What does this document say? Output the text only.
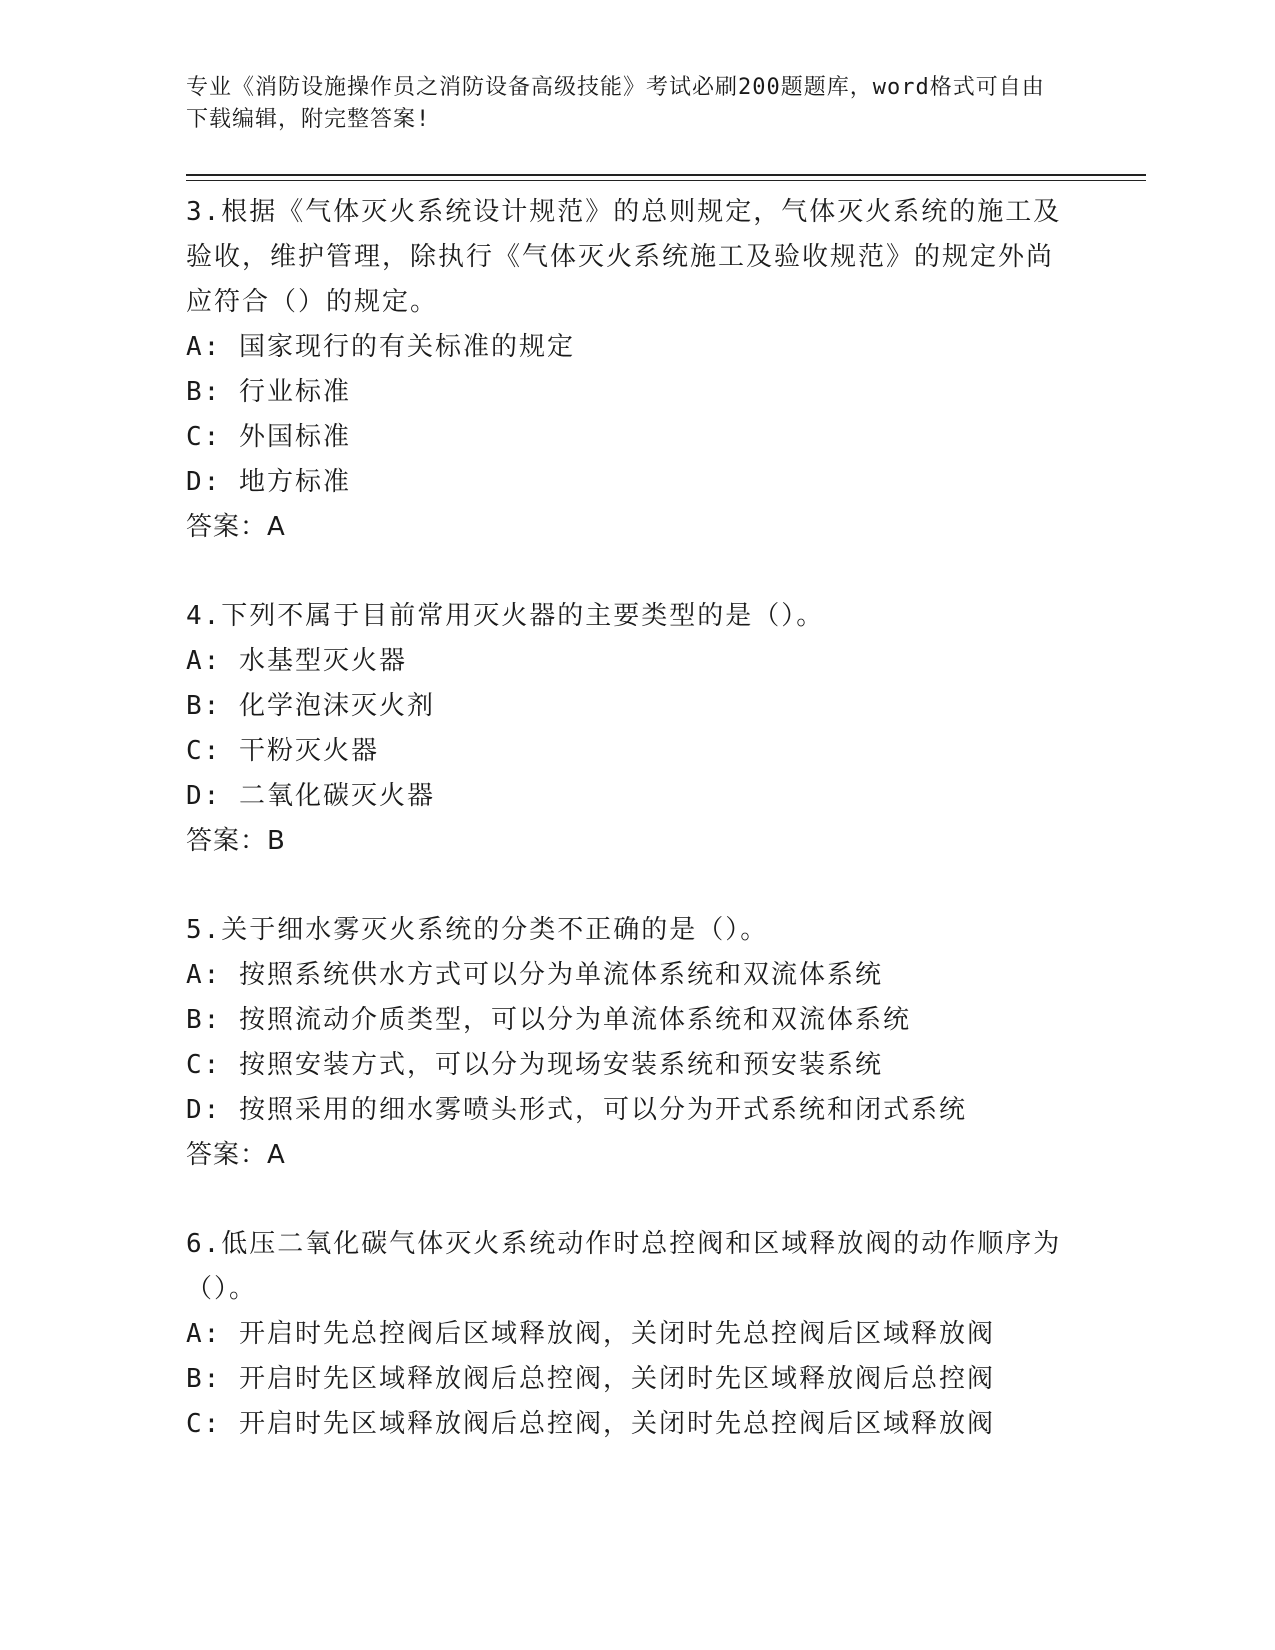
专业《消防设施操作员之消防设备高级技能》考试必刷200题题库，word格式可自由下载编辑，附完整答案!

3.根据《气体灭火系统设计规范》的总则规定，气体灭火系统的施工及验收，维护管理，除执行《气体灭火系统施工及验收规范》的规定外尚应符合（）的规定。

A: 国家现行的有关标准的规定

B: 行业标准

C: 外国标准

D: 地方标准

答案：A

4.下列不属于目前常用灭火器的主要类型的是（）。

A: 水基型灭火器

B: 化学泡沫灭火剂

C: 干粉灭火器

D: 二氧化碳灭火器

答案：B

5.关于细水雾灭火系统的分类不正确的是（）。

A: 按照系统供水方式可以分为单流体系统和双流体系统

B: 按照流动介质类型，可以分为单流体系统和双流体系统

C: 按照安装方式，可以分为现场安装系统和预安装系统

D: 按照采用的细水雾喷头形式，可以分为开式系统和闭式系统

答案：A

6.低压二氧化碳气体灭火系统动作时总控阀和区域释放阀的动作顺序为（）。

A: 开启时先总控阀后区域释放阀，关闭时先总控阀后区域释放阀

B: 开启时先区域释放阀后总控阀，关闭时先区域释放阀后总控阀

C: 开启时先区域释放阀后总控阀，关闭时先总控阀后区域释放阀
